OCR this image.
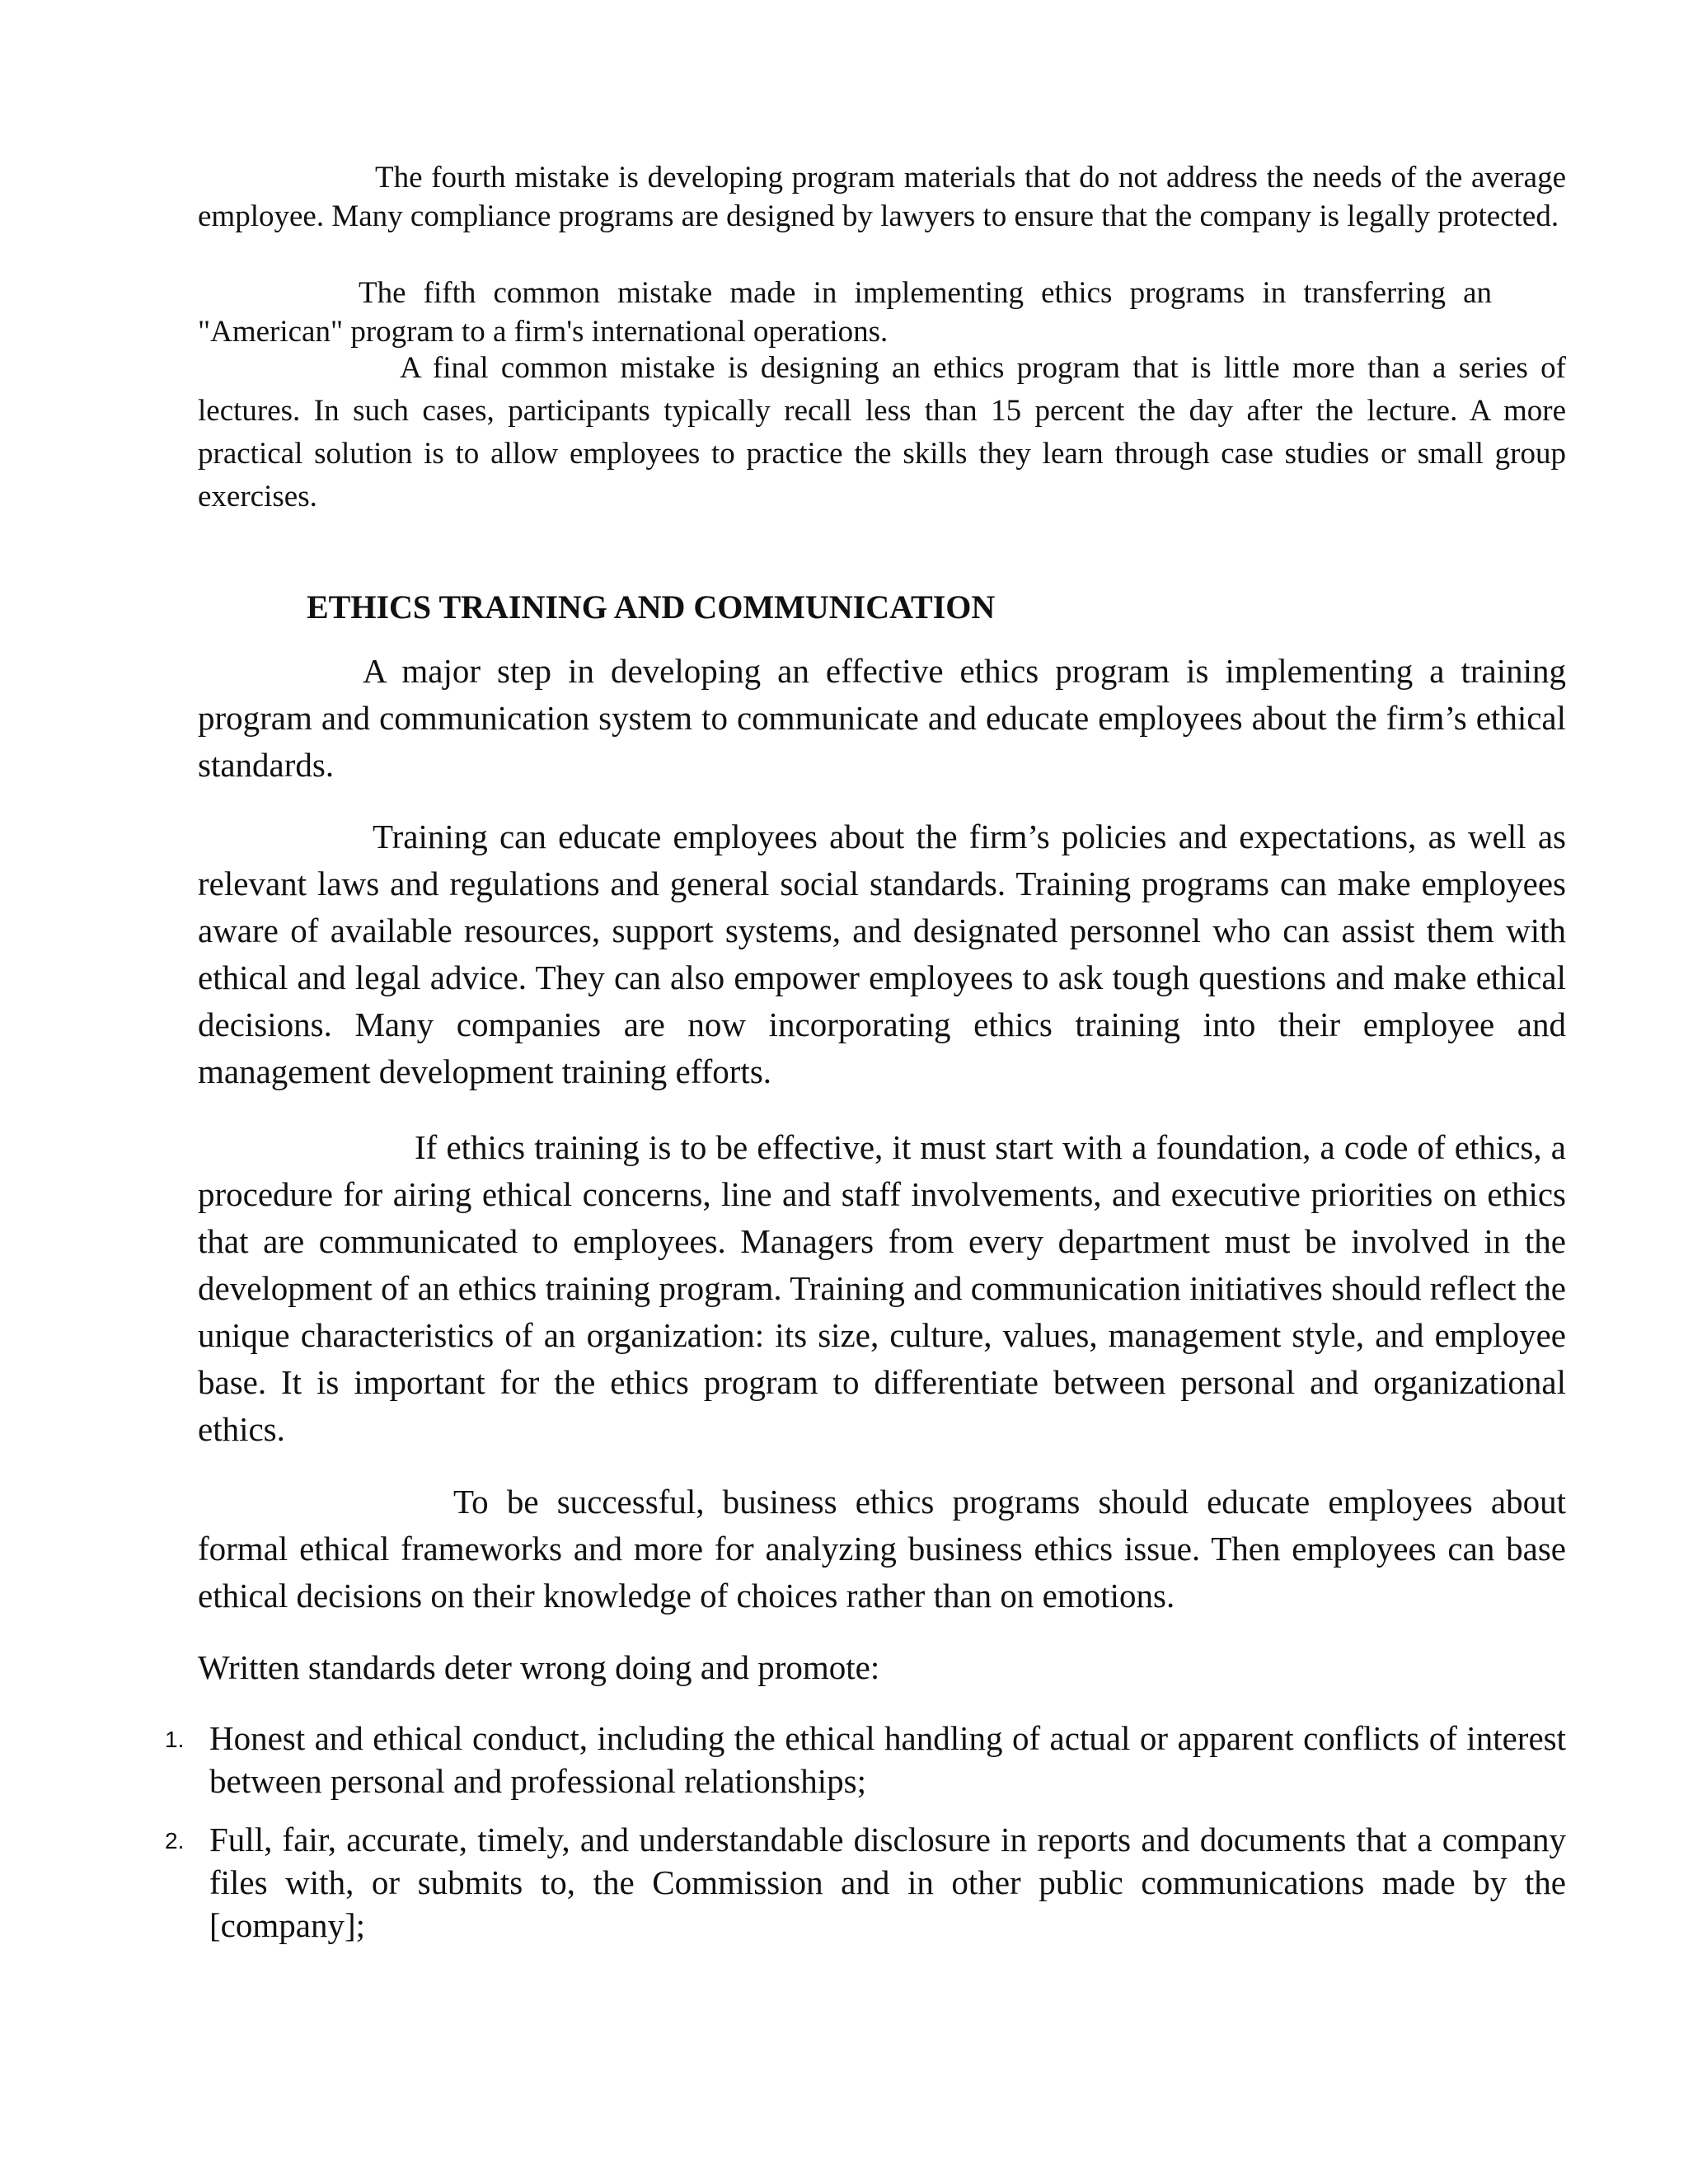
The fourth mistake is developing program materials that do not address the needs of the average employee. Many compliance programs are designed by lawyers to ensure that the company is legally protected.

The fifth common mistake made in implementing ethics programs in transferring an "American" program to a firm's international operations.

A final common mistake is designing an ethics program that is little more than a series of lectures. In such cases, participants typically recall less than 15 percent the day after the lecture. A more practical solution is to allow employees to practice the skills they learn through case studies or small group exercises.

ETHICS TRAINING AND COMMUNICATION

A major step in developing an effective ethics program is implementing a training program and communication system to communicate and educate employees about the firm’s ethical standards.

Training can educate employees about the firm’s policies and expectations, as well as relevant laws and regulations and general social standards. Training programs can make employees aware of available resources, support systems, and designated personnel who can assist them with ethical and legal advice. They can also empower employees to ask tough questions and make ethical decisions. Many companies are now incorporating ethics training into their employee and management development training efforts.

If ethics training is to be effective, it must start with a foundation, a code of ethics, a procedure for airing ethical concerns, line and staff involvements, and executive priorities on ethics that are communicated to employees. Managers from every department must be involved in the development of an ethics training program. Training and communication initiatives should reflect the unique characteristics of an organization: its size, culture, values, management style, and employee base. It is important for the ethics program to differentiate between personal and organizational ethics.

To be successful, business ethics programs should educate employees about formal ethical frameworks and more for analyzing business ethics issue. Then employees can base ethical decisions on their knowledge of choices rather than on emotions.

Written standards deter wrong doing and promote:

1. Honest and ethical conduct, including the ethical handling of actual or apparent conflicts of interest between personal and professional relationships;

2. Full, fair, accurate, timely, and understandable disclosure in reports and documents that a company files with, or submits to, the Commission and in other public communications made by the [company];
